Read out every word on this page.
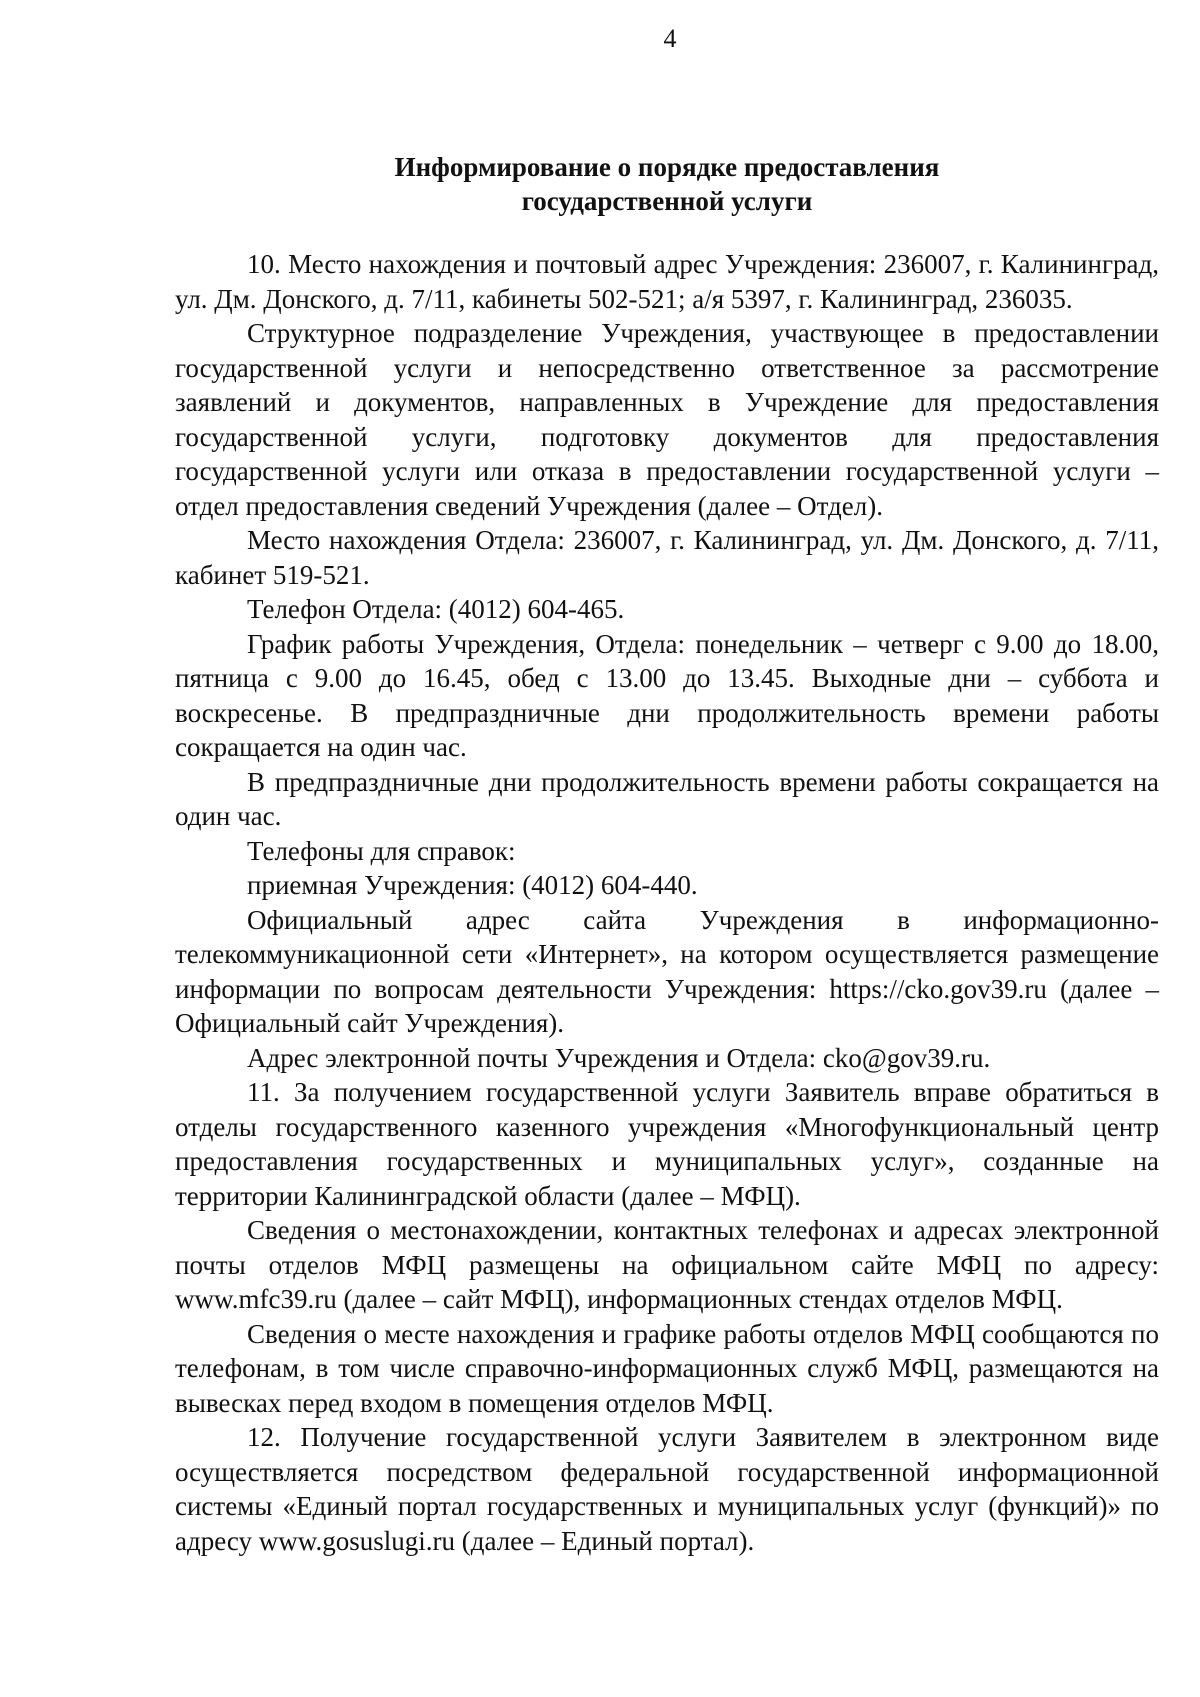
4
Информирование о порядке предоставления
государственной услуги

10. Место нахождения и почтовый адрес Учреждения: 236007, г. Калининград, ул. Дм. Донского, д. 7/11, кабинеты 502-521; а/я 5397, г. Калининград, 236035.

Структурное подразделение Учреждения, участвующее в предоставлении государственной услуги и непосредственно ответственное за рассмотрение заявлений и документов, направленных в Учреждение для предоставления государственной услуги, подготовку документов для предоставления государственной услуги или отказа в предоставлении государственной услуги – отдел предоставления сведений Учреждения (далее – Отдел).

Место нахождения Отдела: 236007, г. Калининград, ул. Дм. Донского, д. 7/11, кабинет 519-521.

Телефон Отдела: (4012) 604-465.

График работы Учреждения, Отдела: понедельник – четверг с 9.00 до 18.00, пятница с 9.00 до 16.45, обед с 13.00 до 13.45. Выходные дни – суббота и воскресенье. В предпраздничные дни продолжительность времени работы сокращается на один час.

В предпраздничные дни продолжительность времени работы сокращается на один час.

Телефоны для справок:

приемная Учреждения: (4012) 604-440.

Официальный адрес сайта Учреждения в информационно-телекоммуникационной сети «Интернет», на котором осуществляется размещение информации по вопросам деятельности Учреждения: https://cko.gov39.ru (далее – Официальный сайт Учреждения).

Адрес электронной почты Учреждения и Отдела: cko@gov39.ru.

11. За получением государственной услуги Заявитель вправе обратиться в отделы государственного казенного учреждения «Многофункциональный центр предоставления государственных и муниципальных услуг», созданные на территории Калининградской области (далее – МФЦ).

Сведения о местонахождении, контактных телефонах и адресах электронной почты отделов МФЦ размещены на официальном сайте МФЦ по адресу: www.mfc39.ru (далее – сайт МФЦ), информационных стендах отделов МФЦ.

Сведения о месте нахождения и графике работы отделов МФЦ сообщаются по телефонам, в том числе справочно-информационных служб МФЦ, размещаются на вывесках перед входом в помещения отделов МФЦ.

12. Получение государственной услуги Заявителем в электронном виде осуществляется посредством федеральной государственной информационной системы «Единый портал государственных и муниципальных услуг (функций)» по адресу www.gosuslugi.ru (далее – Единый портал).
